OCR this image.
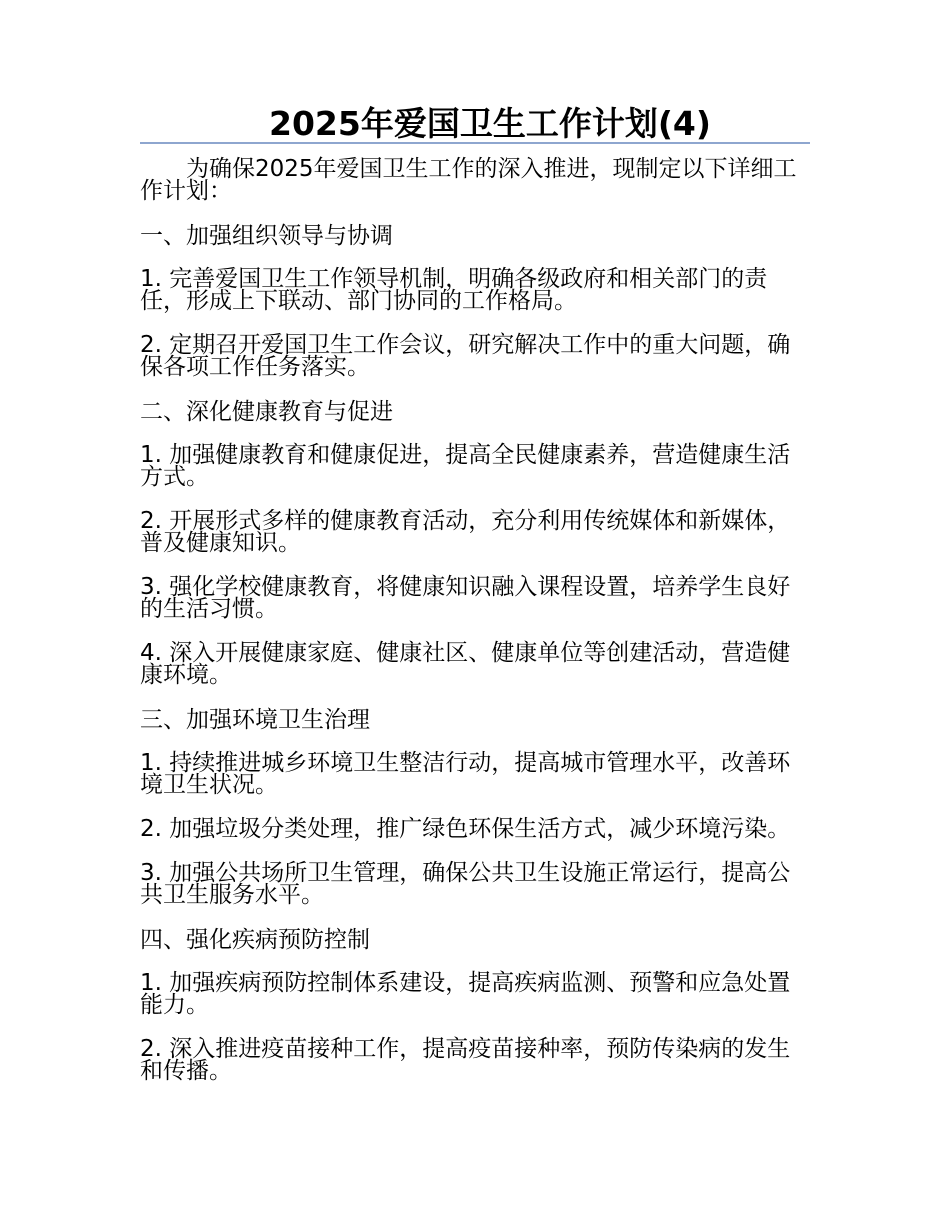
2025年爱国卫生工作计划(4)

为确保2025年爱国卫生工作的深入推进，现制定以下详细工作计划：

一、加强组织领导与协调

1. 完善爱国卫生工作领导机制，明确各级政府和相关部门的责任，形成上下联动、部门协同的工作格局。

2. 定期召开爱国卫生工作会议，研究解决工作中的重大问题，确保各项工作任务落实。

二、深化健康教育与促进

1. 加强健康教育和健康促进，提高全民健康素养，营造健康生活方式。

2. 开展形式多样的健康教育活动，充分利用传统媒体和新媒体，普及健康知识。

3. 强化学校健康教育，将健康知识融入课程设置，培养学生良好的生活习惯。

4. 深入开展健康家庭、健康社区、健康单位等创建活动，营造健康环境。

三、加强环境卫生治理

1. 持续推进城乡环境卫生整洁行动，提高城市管理水平，改善环境卫生状况。

2. 加强垃圾分类处理，推广绿色环保生活方式，减少环境污染。

3. 加强公共场所卫生管理，确保公共卫生设施正常运行，提高公共卫生服务水平。

四、强化疾病预防控制

1. 加强疾病预防控制体系建设，提高疾病监测、预警和应急处置能力。

2. 深入推进疫苗接种工作，提高疫苗接种率，预防传染病的发生和传播。
